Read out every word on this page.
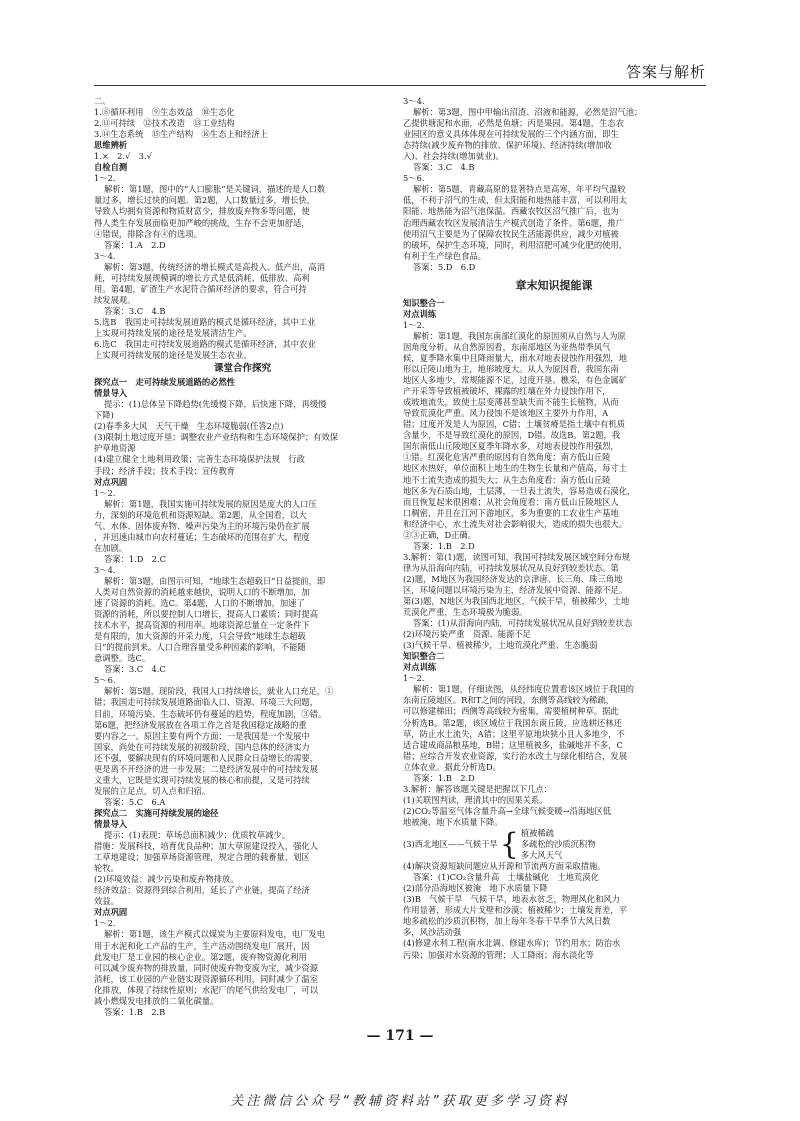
答案与解析
二、
1.⑧循环利用　⑨生态效益　⑩生态化
2.⑪可持续　⑫技术改造　⑬工业结构
3.⑭生态系统　⑮生产结构　⑯生态上和经济上
思维辨析
1.×　2.√　3.√
自检自测
1～2.
解析：第1题，图中的“人口膨胀”是关键词，描述的是人口数
量过多，增长过快的问题。第2题，人口数量过多，增长快，
导致人均拥有资源和物质财富少，排放废弃物多等问题，使
得人类生存发展面临更加严峻的挑战，生存不会更加舒适，
④错误，排除含有④的选项。
答案：1.A　2.D
3～4.
解析：第3题，传统经济的增长模式是高投入、低产出，高消
耗，可持续发展规模调的增长方式是低消耗、低排放、高利
用。第4题，矿渣生产水泥符合循环经济的要求，符合可持
续发展观。
答案：3.C　4.B
5.选B　我国走可持续发展道路的模式是循环经济，其中工业
上实现可持续发展的途径是发展清洁生产。
6.选C　我国走可持续发展道路的模式是循环经济，其中农业
上实现可持续发展的途径是发展生态农业。
课堂合作探究
探究点一　走可持续发展道路的必然性
情景导入
提示：(1)总体呈下降趋势(先缓慢下降，后快速下降，再缓慢
下降)
(2)春季多大风　天气干燥　生态环境脆弱(任答2点)
(3)限制土地过度开垦；调整农业产业结构和生态环境保护；有效保
护草地资源
(4)建立健全土地利用政策；完善生态环境保护法规　行政
手段；经济手段；技术手段；宣传教育
对点巩固
1～2.
解析：第1题，我国实施可持续发展的原因是庞大的人口压
力，深刻的环境危机和资源短缺。第2题，从全国看，以大
气、水体、固体废弃物、噪声污染为主的环境污染仍在扩展
，并迅速由城市向农村蔓延；生态破坏的范围在扩大，程度
在加剧。
答案：1.D　2.C
3～4.
解析：第3题，由图示可知，“地球生态超载日”日益提前，即
人类对自然资源的消耗越来越快，说明人口的不断增加，加
速了资源的消耗。选C。第4题，人口的不断增加，加速了
资源的消耗，所以要控制人口增长，提高人口素质；同时提高
技术水平，提高资源的利用率。地球资源总量在一定条件下
是有限的，加大资源的开采力度，只会导致“地球生态超载
日”的提前到来。人口合理容量受多种因素的影响，不能随
意调整。选C。
答案：3.C　4.C
5～6.
解析：第5题，现阶段，我国人口持续增长，就业人口充足，①
错；我国走可持续发展道路面临人口、资源、环境三大问题，
目前，环境污染、生态破坏仍有蔓延的趋势，程度加剧，③错。
第6题，把经济发展放在各项工作之首是我国稳定战略的重
要内容之一。原因主要有两个方面：一是我国是一个发展中
国家，尚处在可持续发展的初级阶段，国内总体的经济实力
还不强，要解决现有的环境问题和人民群众日益增长的需要，
更是离不开经济的进一步发展；二是经济发展中的可持续发展
义重大，它既是实现可持续发展的核心和前提，又是可持续
发展的立足点，切入点和归宿。
答案：5.C　6.A
探究点二　实施可持续发展的途径
情景导入
提示：(1)表现：草场总面积减少；优质牧草减少。
措施：发展科技，培育优良品种；加大草原建设投入，强化人
工草地建设；加强草场资源管理，规定合理的载畜量，划区
轮牧。
(2)环境效益：减少污染和废弃物排放。
经济效益：资源得到综合利用，延长了产业链，提高了经济
效益。
对点巩固
1～2.
解析：第1题，该生产模式以煤炭为主要原料发电，电厂发电
用于水泥和化工产品的生产，生产活动围绕发电厂展开，因
此发电厂是工业园的核心企业。第2题，废弃物资源化利用
可以减少废弃物的排放量，同时使废弃物变废为宝，减少资源
消耗，该工业园的产业链实现资源循环利用，同时减少了温室
化排放，体现了持续性原则；水泥厂的尾气供给发电厂，可以
减小燃煤发电排放的二氧化碳量。
答案：1.B　2.B
3～4.
解析：第3题，图中甲输出沼渣、沼液和能源，必然是沼气池；
乙提供塘泥和水面，必然是鱼塘；丙是果园。第4题，生态农
业园区的意义具体体现在可持续发展的三个内涵方面，即生
态持续(减少废弃物的排放、保护环境)、经济持续(增加收
入)、社会持续(增加就业)。
答案：3.C　4.B
5～6.
解析：第5题，青藏高原的显著特点是高寒，年平均气温较
低，不利于沼气的生成，但太阳能和地热能丰富，可以利用太
阳能、地热能为沼气池保温。西藏农牧区沼气推广后，也为
治理西藏农牧区发展清洁生产模式创造了条件。第6题，推广
使用沼气主要是为了保障农牧民生活能源供应，减少对植被
的破坏，保护生态环境，同时，利用沼肥可减少化肥的使用，
有利于生产绿色食品。
答案：5.D　6.D
章末知识提能课
知识整合一
对点训练
1～2.
解析：第1题，我国东南部红漠化的原因须从自然与人为原
因角度分析。从自然原因看，东南部地区为亚热带季风气
候，夏季降水集中且降雨量大，雨水对地表侵蚀作用强烈，地
形以丘陵山地为主，地形坡度大。从人为原因看，我国东南
地区人多地少，常规能源不足，过度开垦、樵采，有色金属矿
产开采等导致植被破坏，裸露的红壤在外力侵蚀作用下，
成坡地流失，致使土层变薄甚至缺失而不能生长植物，从而
导致荒漠化严重。风力侵蚀不是该地区主要外力作用，A
错；过度开发是人为原因，C错；土壤贫瘠是指土壤中有机质
含量少，不是导致红漠化的原因，D错。故选B。第2题，我
国东南低山丘陵地区夏季年降水多，对地表侵蚀作用强烈，
①错。红漠化危害严重的原因有自然角度：南方低山丘陵
地区水热好，单位面积上地生的生物生长量和产值高，每寸土
地不土流失造成的损失大；从生态角度看：南方低山丘陵
地区多为石质山地，土层薄，一旦表土流失，容易造成石漠化，
而且恢复起来很困难；从社会角度看：南方低山丘陵地区人
口稠密，并且在江河下游地区，多为重要的工农业生产基地
和经济中心，水土流失对社会影响很大，造成的损失也很大。
②③正确，D正确。
答案：1.B　2.D
3.解析：第(1)题，读图可知，我国可持续发展区域空间分布规
律为从沿海向内陆，可持续发展状况从良好到较差状态。第
(2)题，M地区为我国经济发达的京津唐、长三角、珠三角地
区，环境问题以环境污染为主，经济发展中资源、能源不足。
第(3)题，N地区为我国西北地区，气候干旱，植被稀少，土地
荒漠化严重，生态环境极为脆弱。
答案：(1)从沿海向内陆，可持续发展状况从良好到较差状态
(2)环境污染严重　资源、能源不足
(3)气候干旱、植被稀少，土地荒漠化严重、生态脆弱
知识整合二
对点训练
1～2.
解析：第1题，仔细读图，从经纬度位置看该区域位于我国的
东南丘陵地区。R和T之间的河段，东侧等高线较为稀疏，
可以修建梯田；西侧等高线较为密集，需要植树种草。据此
分析选B。第2题，该区域位于我国东南丘陵，应选耕还林还
草，防止水土流失，A错；这里平原地块狭小且人多地少，不
适合建成商品粮基地，B错；这里植被多，盐碱地并不多，C
错；应综合开发农业资源，实行治水改土与绿化相结合，发展
立体农业。据此分析选D。
答案：1.B　2.D
3.解析：解答该题关键是把握以下几点：
(1)关联图判读，理清其中的因果关系。
(2)CO₂等温室气体含量升高→全球气候变暖→沿海地区低
地被淹、地下水质量下降。
(3)西北地区——气候干旱 { 植被稀疏
多疏松的沙质沉积物
多大风天气
(4)解决资源短缺问题应从开源和节流两方面采取措施。
答案：(1)CO₂含量升高　土壤盐碱化　土地荒漠化
(2)部分沿海地区被淹　地下水质量下降
(3)B　气候干旱　气候干旱，地表水贫乏，物理风化和风力
作用显著，形成大片戈壁和沙漠；植被稀少；土壤发育差，平
地多疏松的沙质沉积物，加上每年冬春干旱季节大风日数
多，风沙活动强
(4)修建水利工程(南水北调、修建水库)；节约用水；防治水
污染；加强对水资源的管理；人工降雨；海水淡化等
— 171 —
关注微信公众号“教辅资料站”获取更多学习资料
